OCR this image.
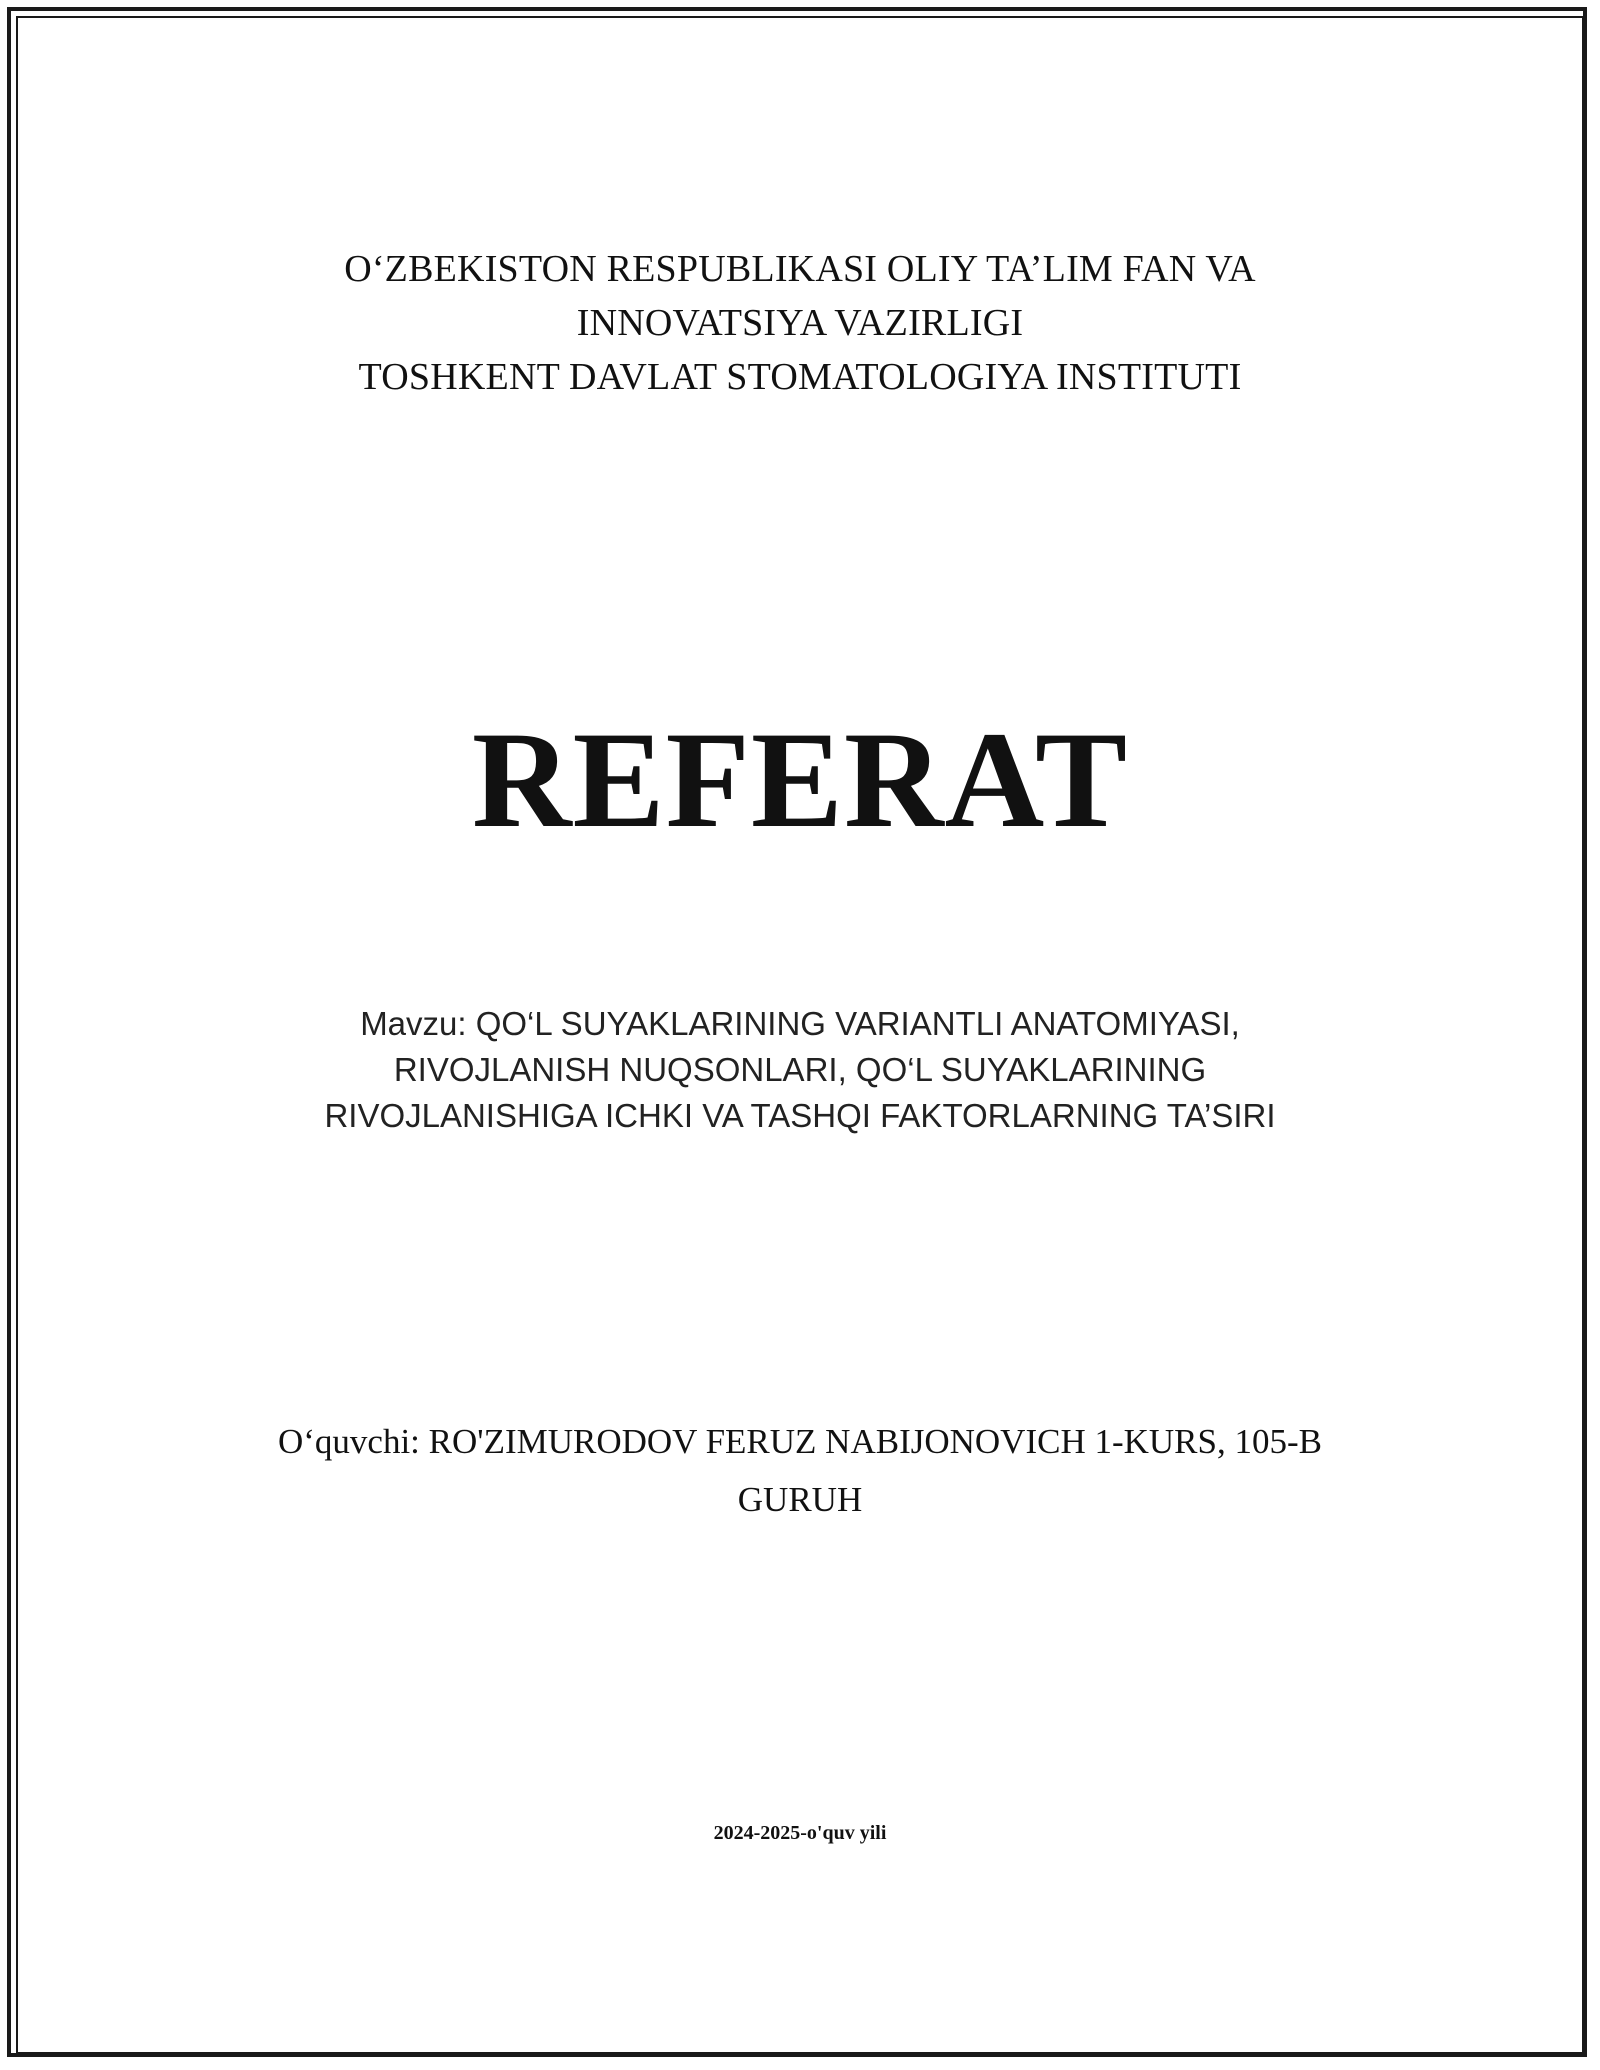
O‘ZBEKISTON RESPUBLIKASI OLIY TA’LIM FAN VA
INNOVATSIYA VAZIRLIGI
TOSHKENT DAVLAT STOMATOLOGIYA INSTITUTI
REFERAT
Mavzu: QO‘L SUYAKLARINING VARIANTLI ANATOMIYASI,
RIVOJLANISH NUQSONLARI, QO‘L SUYAKLARINING
RIVOJLANISHIGA ICHKI VA TASHQI FAKTORLARNING TA’SIRI
O‘quvchi: RO'ZIMURODOV FERUZ NABIJONOVICH 1-KURS, 105-B
GURUH
2024-2025-o'quv yili
